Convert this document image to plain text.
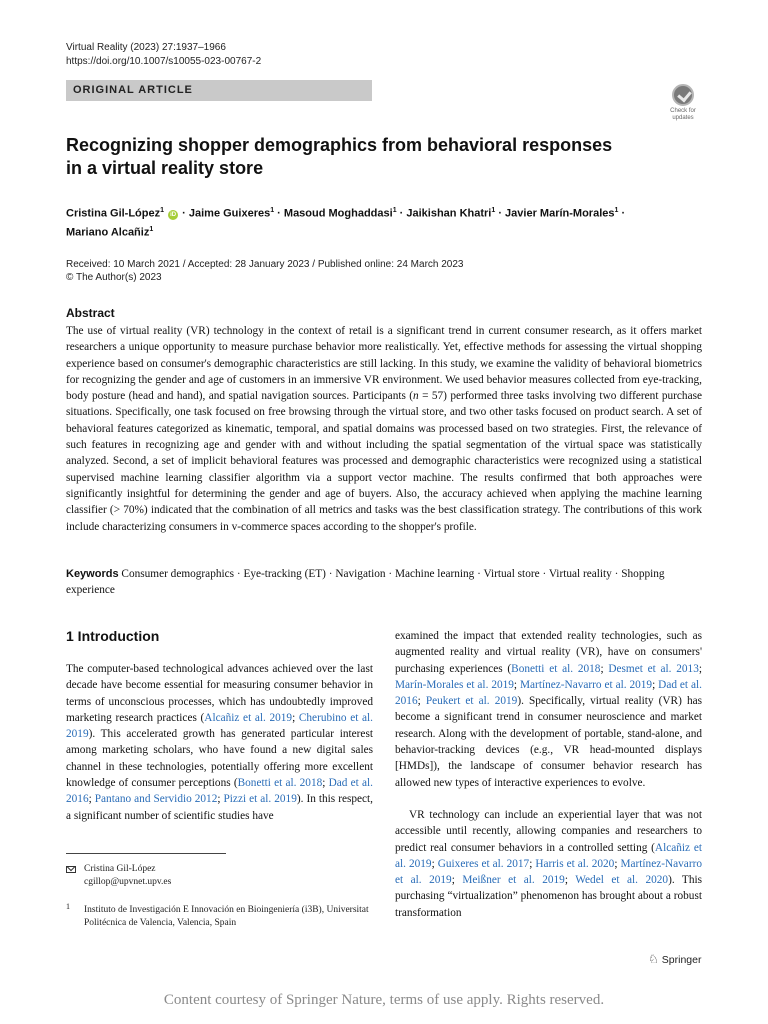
Virtual Reality (2023) 27:1937–1966
https://doi.org/10.1007/s10055-023-00767-2
ORIGINAL ARTICLE
Check for
updates
Recognizing shopper demographics from behavioral responses in a virtual reality store
Cristina Gil-López$^1$ iD · Jaime Guixeres$^1$ · Masoud Moghaddasi$^1$ · Jaikishan Khatri$^1$ · Javier Marín-Morales$^1$ ·
Mariano Alcañiz$^1$
Received: 10 March 2021 / Accepted: 28 January 2023 / Published online: 24 March 2023
© The Author(s) 2023
Abstract
The use of virtual reality (VR) technology in the context of retail is a significant trend in current consumer research, as it offers market researchers a unique opportunity to measure purchase behavior more realistically. Yet, effective methods for assessing the virtual shopping experience based on consumer's demographic characteristics are still lacking. In this study, we examine the validity of behavioral biometrics for recognizing the gender and age of customers in an immersive VR environment. We used behavior measures collected from eye-tracking, body posture (head and hand), and spatial navigation sources. Participants (n = 57) performed three tasks involving two different purchase situations. Specifically, one task focused on free browsing through the virtual store, and two other tasks focused on product search. A set of behavioral features categorized as kinematic, temporal, and spatial domains was processed based on two strategies. First, the relevance of such features in recognizing age and gender with and without including the spatial segmentation of the virtual space was statistically analyzed. Second, a set of implicit behavioral features was processed and demographic characteristics were recognized using a statistical supervised machine learning classifier algorithm via a support vector machine. The results confirmed that both approaches were significantly insightful for determining the gender and age of buyers. Also, the accuracy achieved when applying the machine learning classifier (> 70%) indicated that the combination of all metrics and tasks was the best classification strategy. The contributions of this work include characterizing consumers in v-commerce spaces according to the shopper's profile.
Keywords Consumer demographics · Eye-tracking (ET) · Navigation · Machine learning · Virtual store · Virtual reality · Shopping experience
1 Introduction
The computer-based technological advances achieved over the last decade have become essential for measuring consumer behavior in terms of unconscious processes, which has undoubtedly improved marketing research practices (Alcañiz et al. 2019; Cherubino et al. 2019). This accelerated growth has generated particular interest among marketing scholars, who have found a new digital sales channel in these technologies, potentially offering more excellent knowledge of consumer perceptions (Bonetti et al. 2018; Dad et al. 2016; Pantano and Servidio 2012; Pizzi et al. 2019). In this respect, a significant number of scientific studies have
examined the impact that extended reality technologies, such as augmented reality and virtual reality (VR), have on consumers' purchasing experiences (Bonetti et al. 2018; Desmet et al. 2013; Marín-Morales et al. 2019; Martínez-Navarro et al. 2019; Dad et al. 2016; Peukert et al. 2019). Specifically, virtual reality (VR) has become a significant trend in consumer neuroscience and market research. Along with the development of portable, stand-alone, and behavior-tracking devices (e.g., VR head-mounted displays [HMDs]), the landscape of consumer behavior research has allowed new types of interactive experiences to evolve.
VR technology can include an experiential layer that was not accessible until recently, allowing companies and researchers to predict real consumer behaviors in a controlled setting (Alcañiz et al. 2019; Guixeres et al. 2017; Harris et al. 2020; Martínez-Navarro et al. 2019; Meißner et al. 2019; Wedel et al. 2020). This purchasing “virtualization” phenomenon has brought about a robust transformation
Cristina Gil-López
cgillop@upvnet.upv.es
1 Instituto de Investigación E Innovación en Bioingeniería (i3B), Universitat Politécnica de Valencia, Valencia, Spain
♘ Springer
Content courtesy of Springer Nature, terms of use apply. Rights reserved.
